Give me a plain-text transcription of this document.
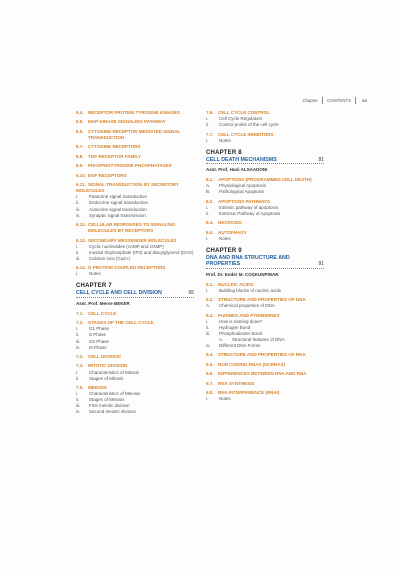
Chapter CONTENTS	xx
6.4. RECEPTOR PROTEIN TYROSINE KINASES
6.5. MAP-KINASE SIGNALING PATHWAY
6.6. CYTOKINE RECEPTOR MEDIATED SIGNAL TRANSDUCTION
6.7. CYTOKINE RECEPTORS
6.8. TGF-RECEPTOR FAMILY
6.9. PHOSPHOTYROSINE PHOSPHATASES
6.10. EGF RECEPTORS
6.11. SIGNAL TRANSDUCTION BY SECRETORY MOLECULES
i. Paracrine signal transduction
ii. Endocrine signal transduction
iii. Autocrine signal transduction
iv. Synaptic signal transmission
6.12. CELLULAR RESPONSES TO SIGNALING MOLECULES BY RECEPTORS
6.13. SECONDARY MESSENGER MOLECULES
i. Cyclic nucleotides (cAMP and cGMP)
ii. Inositol trisphosphate (IP3) and diacylglycerol (DAG)
iii. Calcium ions (Ca2+)
6.14. G PROTEIN COUPLED RECEPTORS
i. Notes
CHAPTER 7
CELL CYCLE AND CELL DIVISION	65
Asst. Prof. Merve BEKER
7.1. CELL CYCLE
7.2. STAGES OF THE CELL CYCLE
i. G1 Phase
ii. S Phase
iii. G2 Phase
iv. M Phase
7.3. CELL DIVISION
7.4. MITOTIC DIVISION
i. Characteristics of Mitosis
ii. Stages of Mitosis
7.5. MEIOSIS
i. Characteristics of Meiosis
ii. Stages of Meiosis
iii. First meiotic division
iv. Second meiotic division
7.6. CELL CYCLE CONTROL
i. Cell Cycle Regulators
ii. Control points of the cell cycle
7.7. CELL CYCLE INHIBITORS
i. Notes
CHAPTER 8
CELL DEATH MECHANISMS	81
Asst. Prof. Hani ALSAADONI
8.1. APOPTOSIS (PROGRAMMED CELL DEATH)
A. Physiological Apoptosis
B. Pathological Apoptosis
8.2. APOPTOSIS PATHWAYS
i. Intrinsic pathway of apoptosis
ii. Extrinsic Pathway of Apoptosis
8.3. NECROSIS
8.4. AUTOPHAGY
i. Notes
CHAPTER 9
DNA AND RNA STRUCTURE AND PROPERTIES	91
Prof. Dr. Ender M. COŞKUNPINAR
9.1. NUCLEIC ACIDS
i. Building blocks of nucleic acids
9.2. STRUCTURE AND PROPERTIES OF DNA
A. Chemical properties of DNA
9.3. PURINES AND PYRIMIDINES
i. How is naming done?
ii. Hydrogen Bond
iii. Phosphodiester Bond
A. Structural features of DNA
iv. Different DNA Forms
9.4. STRUCTURE AND PROPERTIES OF RNA
9.5. NON CODING RNAS (NCRNAS)
9.6. DIFFERENCES BETWEEN DNA AND RNA
9.7. RNA SYNTHESIS
9.8. RNA INTERFERENCE (RNAI)
i. Notes
